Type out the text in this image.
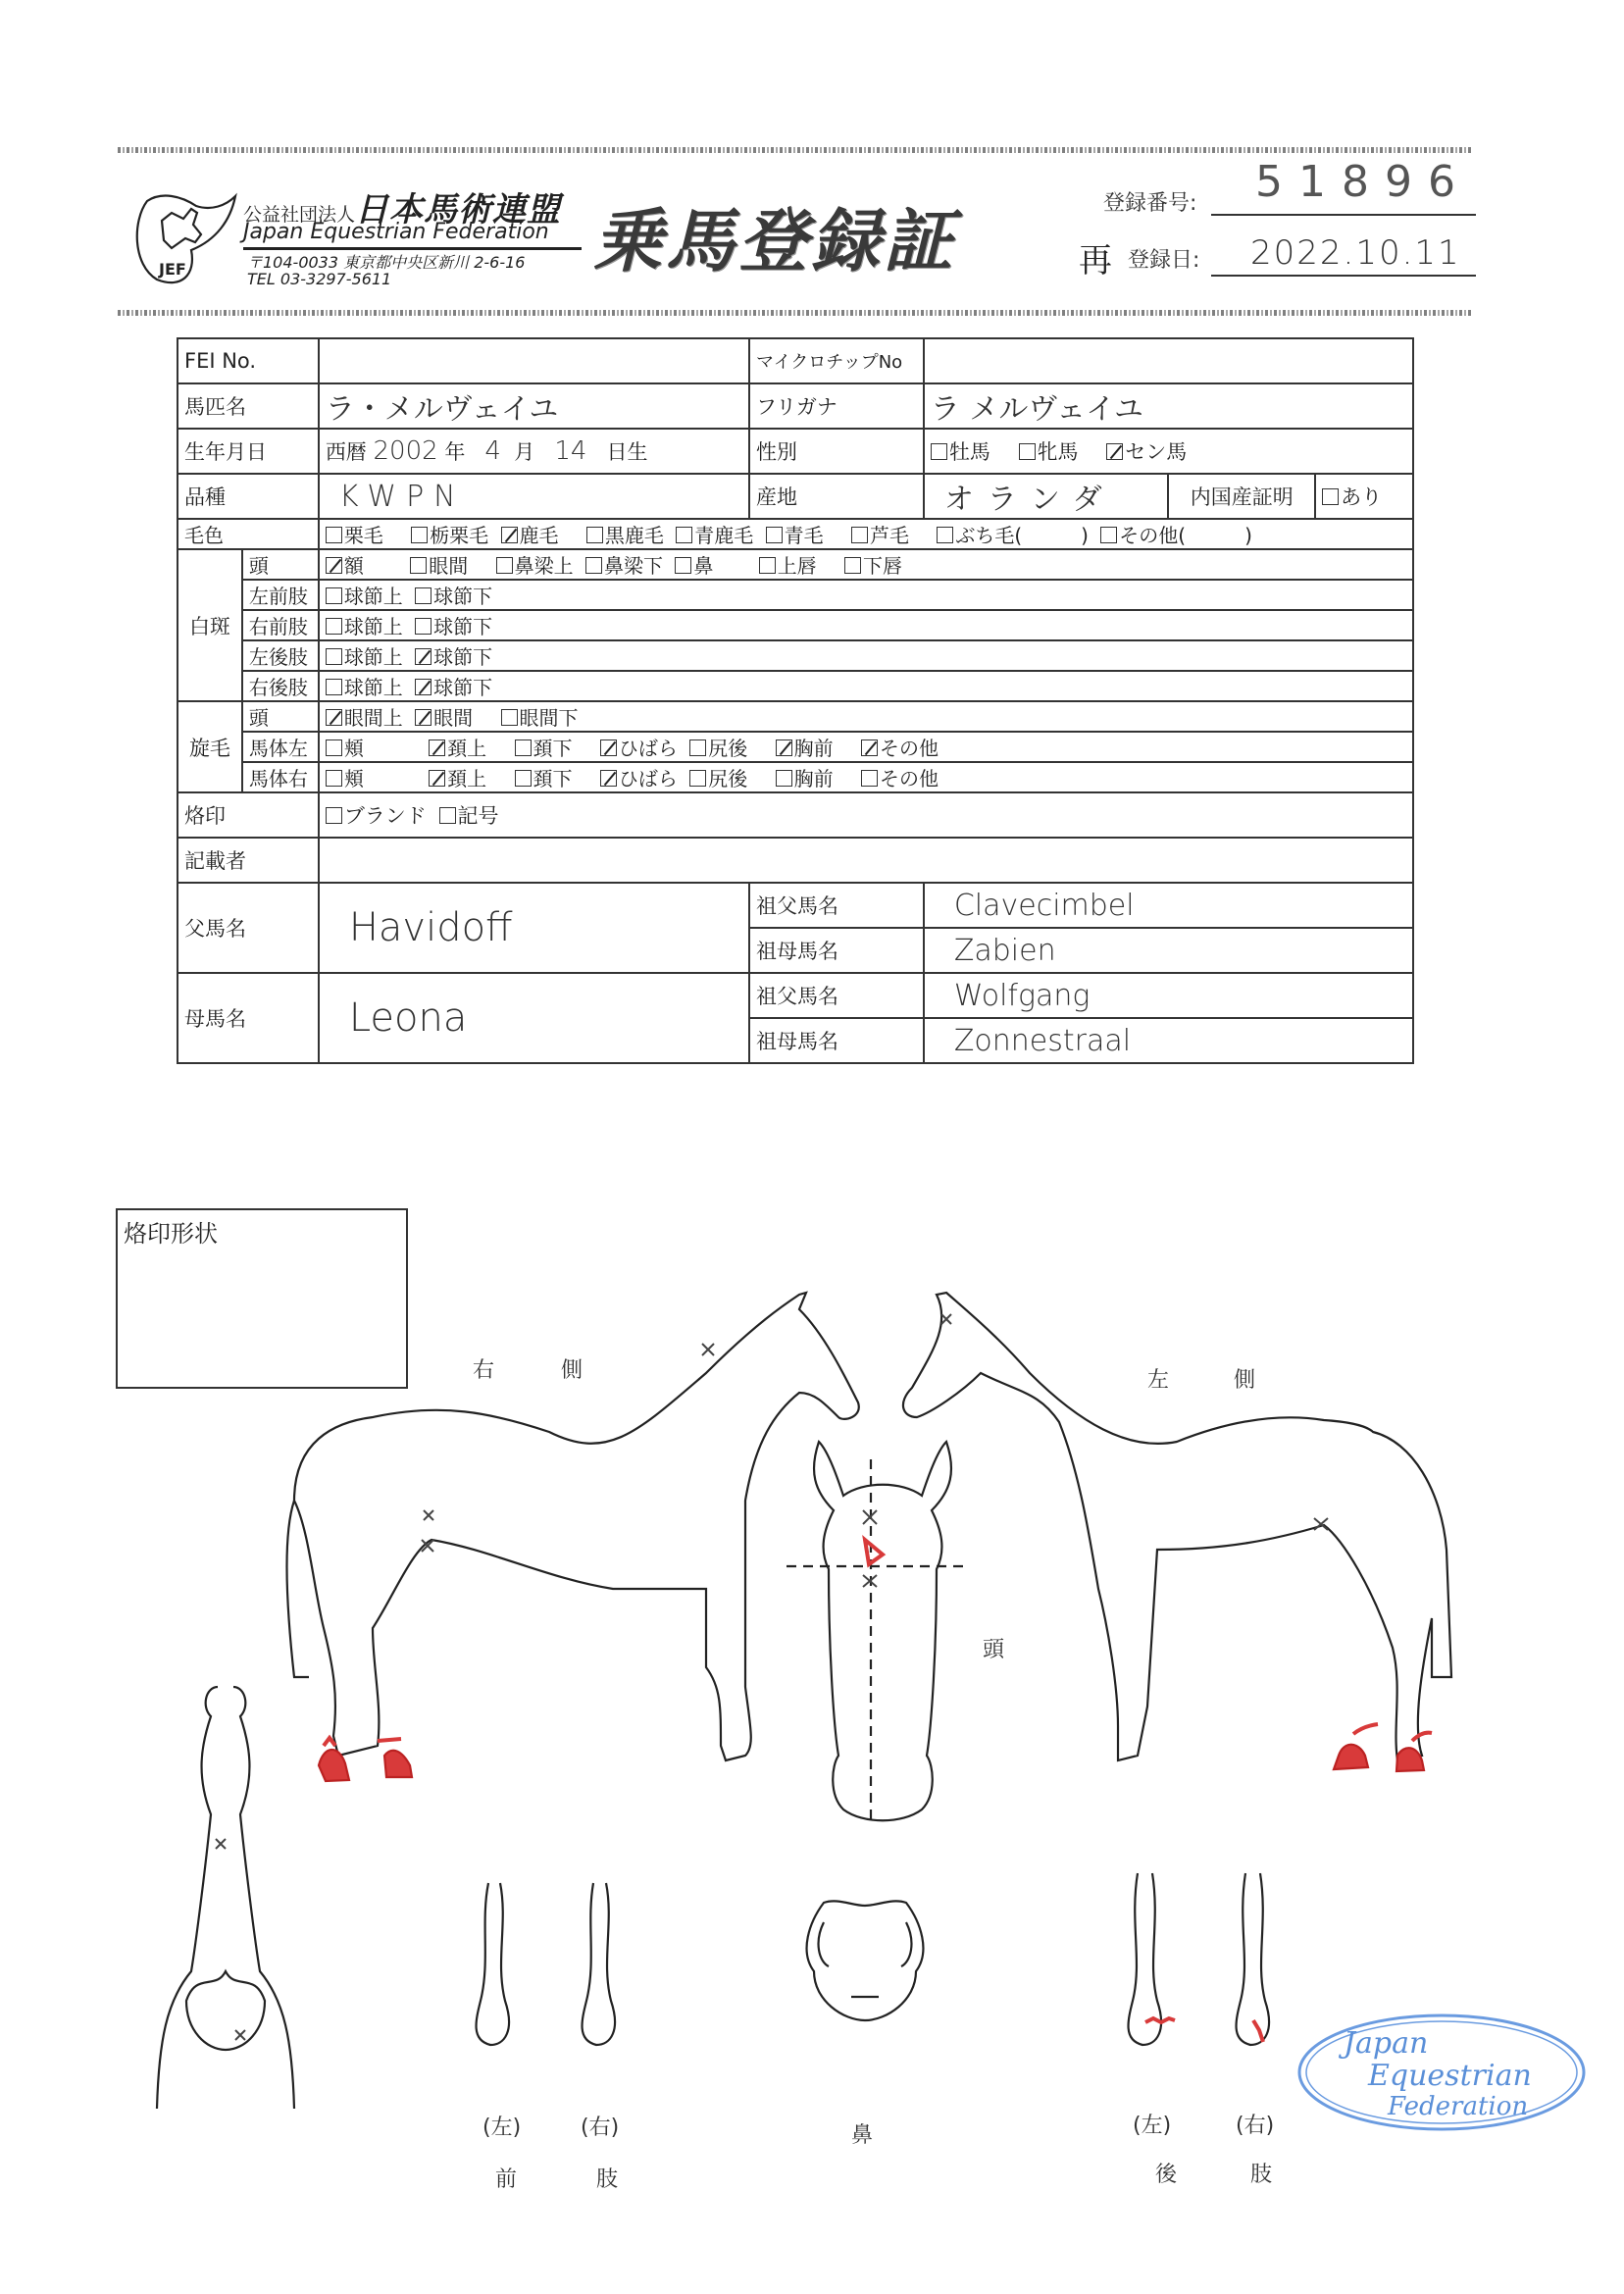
JEF
公益社団法人日本馬術連盟
Japan Equestrian Federation
〒104-0033 東京都中央区新川 2-6-16
TEL 03-3297-5611	乗馬登録証	登録番号: 51896
再 登録日: 2022.10.11
FEI No.			マイクロチップNo			
馬匹名		ラ・メルヴェイユ	フリガナ	ラ メルヴェイユ		
生年月日		西暦 2002 年 4 月 14 日生	性別	牡馬 牝馬 セン馬		
品種		KWPN	産地	オランダ	内国産証明	あり
毛色		栗毛 栃栗毛 鹿毛 黒鹿毛 青鹿毛 青毛 芦毛 ぶち毛(　　　) その他(　　　)				
白斑	頭	額 眼間 鼻梁上 鼻梁下 鼻 上唇 下唇				
	左前肢	球節上 球節下				
	右前肢	球節上 球節下				
	左後肢	球節上 球節下				
	右後肢	球節上 球節下				
旋毛	頭	眼間上 眼間 眼間下				
	馬体左	頬 頚上 頚下 ひばら 尻後 胸前 その他				
	馬体右	頬 頚上 頚下 ひばら 尻後 胸前 その他				
烙印		ブランド 記号				
記載者						
父馬名		Havidoff	祖父馬名	Clavecimbel		
			祖母馬名	Zabien		
母馬名		Leona	祖父馬名	Wolfgang		
			祖母馬名	Zonnestraal		
烙印形状
右	側	左	側
頭
(左)	(右)
前	肢
鼻	(左)	(右)
後	肢
Japan
Equestrian
Federation
